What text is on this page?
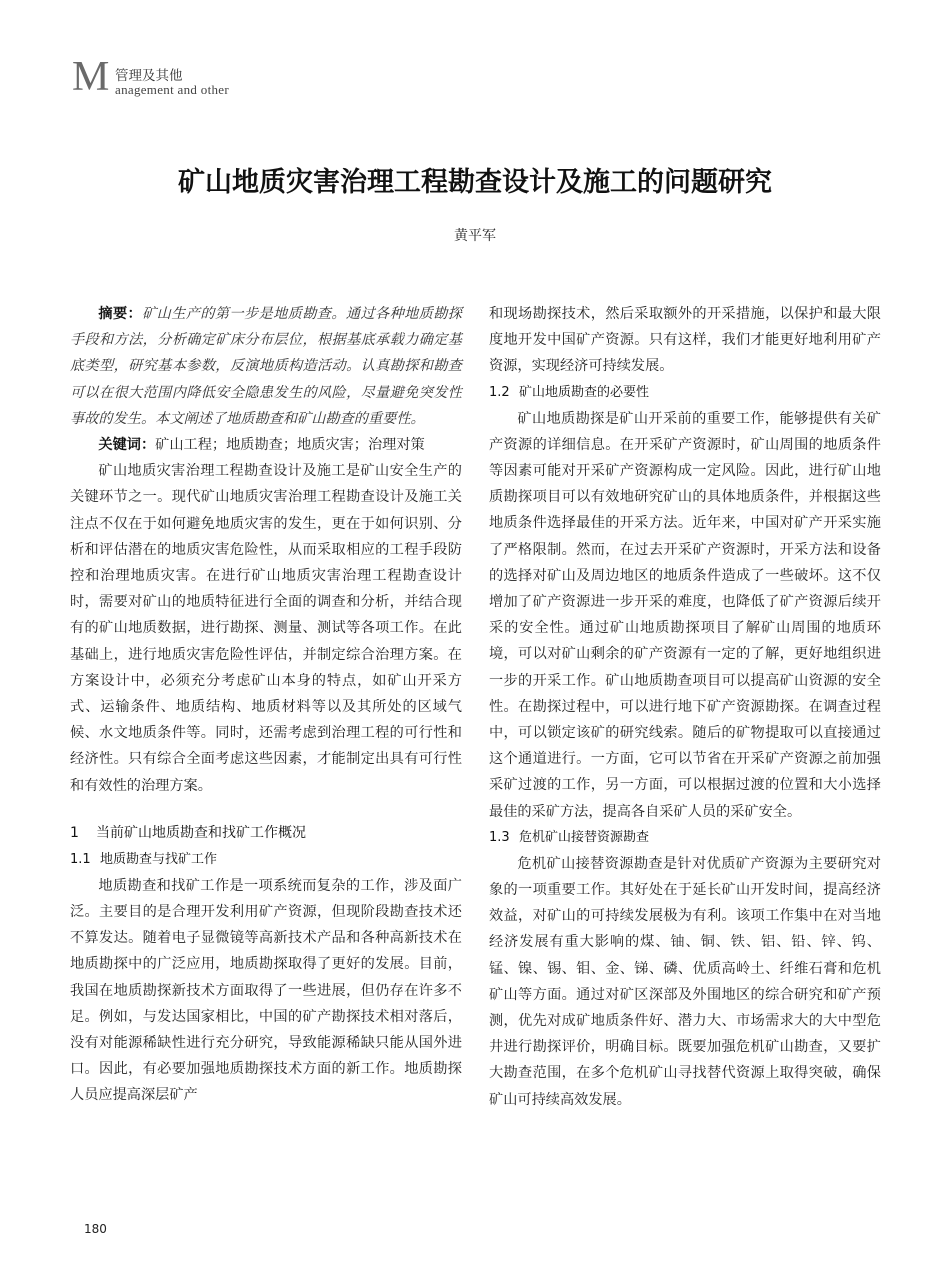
M 管理及其他
anagement and other
矿山地质灾害治理工程勘查设计及施工的问题研究
黄平军

摘要：矿山生产的第一步是地质勘查。通过各种地质勘探手段和方法，分析确定矿床分布层位，根据基底承载力确定基底类型，研究基本参数，反演地质构造活动。认真勘探和勘查可以在很大范围内降低安全隐患发生的风险，尽量避免突发性事故的发生。本文阐述了地质勘查和矿山勘查的重要性。

关键词：矿山工程；地质勘查；地质灾害；治理对策

矿山地质灾害治理工程勘查设计及施工是矿山安全生产的关键环节之一。现代矿山地质灾害治理工程勘查设计及施工关注点不仅在于如何避免地质灾害的发生，更在于如何识别、分析和评估潜在的地质灾害危险性，从而采取相应的工程手段防控和治理地质灾害。在进行矿山地质灾害治理工程勘查设计时，需要对矿山的地质特征进行全面的调查和分析，并结合现有的矿山地质数据，进行勘探、测量、测试等各项工作。在此基础上，进行地质灾害危险性评估，并制定综合治理方案。在方案设计中，必须充分考虑矿山本身的特点，如矿山开采方式、运输条件、地质结构、地质材料等以及其所处的区域气候、水文地质条件等。同时，还需考虑到治理工程的可行性和经济性。只有综合全面考虑这些因素，才能制定出具有可行性和有效性的治理方案。

1 当前矿山地质勘查和找矿工作概况
1.1 地质勘查与找矿工作

地质勘查和找矿工作是一项系统而复杂的工作，涉及面广泛。主要目的是合理开发利用矿产资源，但现阶段勘查技术还不算发达。随着电子显微镜等高新技术产品和各种高新技术在地质勘探中的广泛应用，地质勘探取得了更好的发展。目前，我国在地质勘探新技术方面取得了一些进展，但仍存在许多不足。例如，与发达国家相比，中国的矿产勘探技术相对落后，没有对能源稀缺性进行充分研究，导致能源稀缺只能从国外进口。因此，有必要加强地质勘探技术方面的新工作。地质勘探人员应提高深层矿产

和现场勘探技术，然后采取额外的开采措施，以保护和最大限度地开发中国矿产资源。只有这样，我们才能更好地利用矿产资源，实现经济可持续发展。

1.2 矿山地质勘查的必要性

矿山地质勘探是矿山开采前的重要工作，能够提供有关矿产资源的详细信息。在开采矿产资源时，矿山周围的地质条件等因素可能对开采矿产资源构成一定风险。因此，进行矿山地质勘探项目可以有效地研究矿山的具体地质条件，并根据这些地质条件选择最佳的开采方法。近年来，中国对矿产开采实施了严格限制。然而，在过去开采矿产资源时，开采方法和设备的选择对矿山及周边地区的地质条件造成了一些破坏。这不仅增加了矿产资源进一步开采的难度，也降低了矿产资源后续开采的安全性。通过矿山地质勘探项目了解矿山周围的地质环境，可以对矿山剩余的矿产资源有一定的了解，更好地组织进一步的开采工作。矿山地质勘查项目可以提高矿山资源的安全性。在勘探过程中，可以进行地下矿产资源勘探。在调查过程中，可以锁定该矿的研究线索。随后的矿物提取可以直接通过这个通道进行。一方面，它可以节省在开采矿产资源之前加强采矿过渡的工作，另一方面，可以根据过渡的位置和大小选择最佳的采矿方法，提高各自采矿人员的采矿安全。

1.3 危机矿山接替资源勘查

危机矿山接替资源勘查是针对优质矿产资源为主要研究对象的一项重要工作。其好处在于延长矿山开发时间，提高经济效益，对矿山的可持续发展极为有利。该项工作集中在对当地经济发展有重大影响的煤、铀、铜、铁、铝、铅、锌、钨、锰、镍、锡、钼、金、锑、磷、优质高岭土、纤维石膏和危机矿山等方面。通过对矿区深部及外围地区的综合研究和矿产预测，优先对成矿地质条件好、潜力大、市场需求大的大中型危井进行勘探评价，明确目标。既要加强危机矿山勘查，又要扩大勘查范围，在多个危机矿山寻找替代资源上取得突破，确保矿山可持续高效发展。

180
